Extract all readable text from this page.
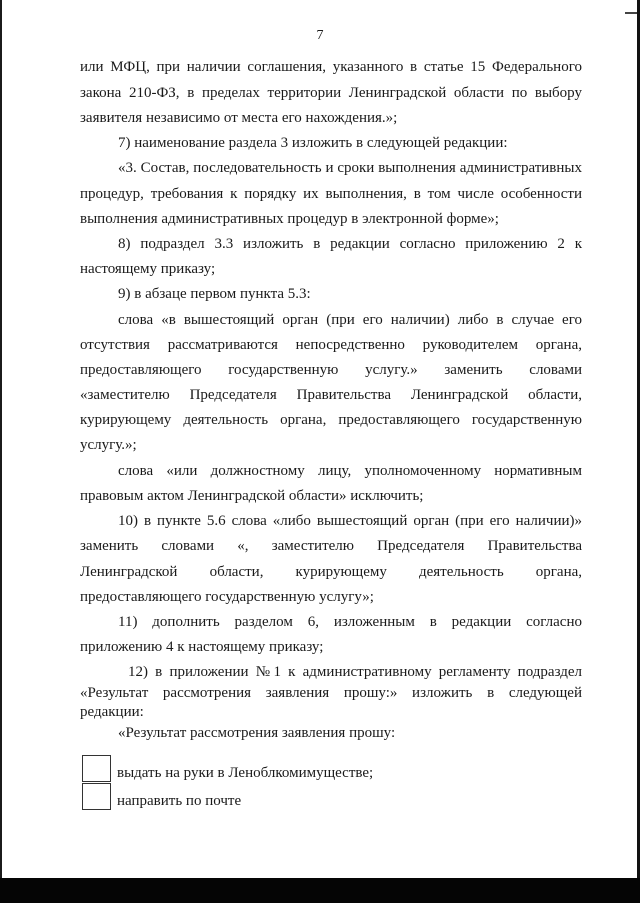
7
или МФЦ, при наличии соглашения, указанного в статье 15 Федерального
закона 210-ФЗ, в пределах территории Ленинградской области по выбору
заявителя независимо от места его нахождения.»;
7) наименование раздела 3 изложить в следующей редакции:
«3. Состав, последовательность и сроки выполнения административных
процедур, требования к порядку их выполнения, в том числе особенности
выполнения административных процедур в электронной форме»;
8) подраздел 3.3 изложить в редакции согласно приложению 2 к
настоящему приказу;
9) в абзаце первом пункта 5.3:
слова «в вышестоящий орган (при его наличии) либо в случае его
отсутствия рассматриваются непосредственно руководителем органа,
предоставляющего государственную услугу.» заменить словами
«заместителю Председателя Правительства Ленинградской области,
курирующему деятельность органа, предоставляющего государственную
услугу.»;
слова «или должностному лицу, уполномоченному нормативным
правовым актом Ленинградской области» исключить;
10) в пункте 5.6 слова «либо вышестоящий орган (при его наличии)»
заменить словами «, заместителю Председателя Правительства
Ленинградской области, курирующему деятельность органа,
предоставляющего государственную услугу»;
11) дополнить разделом 6, изложенным в редакции согласно
приложению 4 к настоящему приказу;
12) в приложении №1 к административному регламенту подраздел
«Результат рассмотрения заявления прошу:» изложить в следующей
редакции:
«Результат рассмотрения заявления прошу:
выдать на руки в Леноблкомимуществе;
направить по почте
